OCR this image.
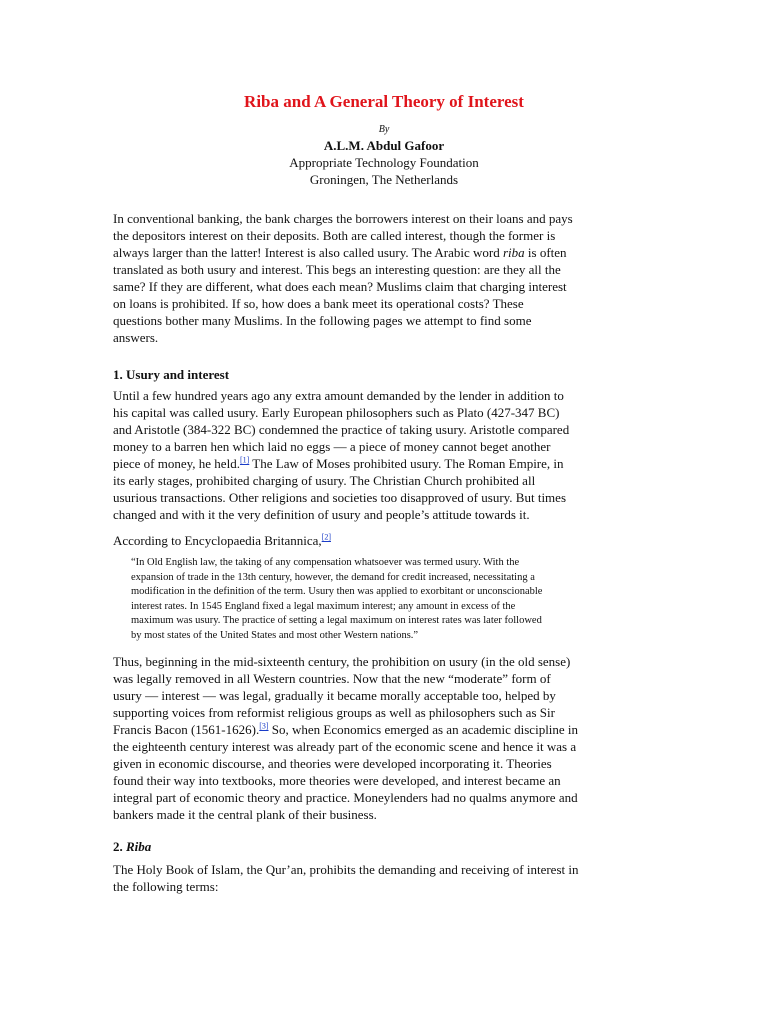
Riba and A General Theory of Interest
By
A.L.M. Abdul Gafoor
Appropriate Technology Foundation
Groningen, The Netherlands

In conventional banking, the bank charges the borrowers interest on their loans and pays

the depositors interest on their deposits. Both are called interest, though the former is

always larger than the latter! Interest is also called usury. The Arabic word riba is often

translated as both usury and interest. This begs an interesting question: are they all the

same? If they are different, what does each mean? Muslims claim that charging interest

on loans is prohibited. If so, how does a bank meet its operational costs? These

questions bother many Muslims. In the following pages we attempt to find some

answers.

1. Usury and interest

Until a few hundred years ago any extra amount demanded by the lender in addition to

his capital was called usury. Early European philosophers such as Plato (427-347 BC)

and Aristotle (384-322 BC) condemned the practice of taking usury. Aristotle compared

money to a barren hen which laid no eggs — a piece of money cannot beget another

piece of money, he held.[1] The Law of Moses prohibited usury. The Roman Empire, in

its early stages, prohibited charging of usury. The Christian Church prohibited all

usurious transactions. Other religions and societies too disapproved of usury. But times

changed and with it the very definition of usury and people’s attitude towards it.

According to Encyclopaedia Britannica,[2]

“In Old English law, the taking of any compensation whatsoever was termed usury. With the

expansion of trade in the 13th century, however, the demand for credit increased, necessitating a

modification in the definition of the term. Usury then was applied to exorbitant or unconscionable

interest rates. In 1545 England fixed a legal maximum interest; any amount in excess of the

maximum was usury. The practice of setting a legal maximum on interest rates was later followed

by most states of the United States and most other Western nations.”

Thus, beginning in the mid-sixteenth century, the prohibition on usury (in the old sense)

was legally removed in all Western countries. Now that the new “moderate” form of

usury — interest — was legal, gradually it became morally acceptable too, helped by

supporting voices from reformist religious groups as well as philosophers such as Sir

Francis Bacon (1561-1626).[3] So, when Economics emerged as an academic discipline in

the eighteenth century interest was already part of the economic scene and hence it was a

given in economic discourse, and theories were developed incorporating it. Theories

found their way into textbooks, more theories were developed, and interest became an

integral part of economic theory and practice. Moneylenders had no qualms anymore and

bankers made it the central plank of their business.

2. Riba

The Holy Book of Islam, the Qur’an, prohibits the demanding and receiving of interest in

the following terms:
